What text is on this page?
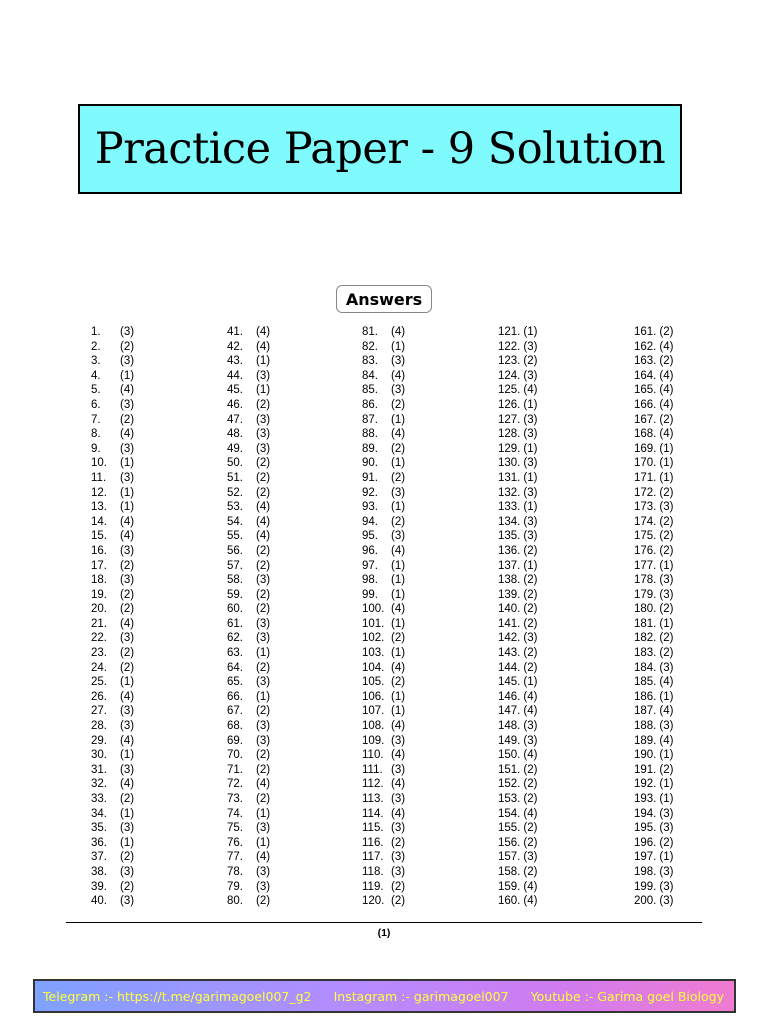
Practice Paper - 9 Solution
Answers
1.	(3)
2.	(2)
3.	(3)
4.	(1)
5.	(4)
6.	(3)
7.	(2)
8.	(4)
9.	(3)
10.	(1)
11.	(3)
12.	(1)
13.	(1)
14.	(4)
15.	(4)
16.	(3)
17.	(2)
18.	(3)
19.	(2)
20.	(2)
21.	(4)
22.	(3)
23.	(2)
24.	(2)
25.	(1)
26.	(4)
27.	(3)
28.	(3)
29.	(4)
30.	(1)
31.	(3)
32.	(4)
33.	(2)
34.	(1)
35.	(3)
36.	(1)
37.	(2)
38.	(3)
39.	(2)
40.	(3)
41.	(4)
42.	(4)
43.	(1)
44.	(3)
45.	(1)
46.	(2)
47.	(3)
48.	(3)
49.	(3)
50.	(2)
51.	(2)
52.	(2)
53.	(4)
54.	(4)
55.	(4)
56.	(2)
57.	(2)
58.	(3)
59.	(2)
60.	(2)
61.	(3)
62.	(3)
63.	(1)
64.	(2)
65.	(3)
66.	(1)
67.	(2)
68.	(3)
69.	(3)
70.	(2)
71.	(2)
72.	(4)
73.	(2)
74.	(1)
75.	(3)
76.	(1)
77.	(4)
78.	(3)
79.	(3)
80.	(2)
81.	(4)
82.	(1)
83.	(3)
84.	(4)
85.	(3)
86.	(2)
87.	(1)
88.	(4)
89.	(2)
90.	(1)
91.	(2)
92.	(3)
93.	(1)
94.	(2)
95.	(3)
96.	(4)
97.	(1)
98.	(1)
99.	(1)
100. (4)
101. (1)
102. (2)
103. (1)
104. (4)
105. (2)
106. (1)
107. (1)
108. (4)
109. (3)
110. (4)
111. (3)
112. (4)
113. (3)
114. (4)
115. (3)
116. (2)
117. (3)
118. (3)
119. (2)
120. (2)
121. (1)
122. (3)
123. (2)
124. (3)
125. (4)
126. (1)
127. (3)
128. (3)
129. (1)
130. (3)
131. (1)
132. (3)
133. (1)
134. (3)
135. (3)
136. (2)
137. (1)
138. (2)
139. (2)
140. (2)
141. (2)
142. (3)
143. (2)
144. (2)
145. (1)
146. (4)
147. (4)
148. (3)
149. (3)
150. (4)
151. (2)
152. (2)
153. (2)
154. (4)
155. (2)
156. (2)
157. (3)
158. (2)
159. (4)
160. (4)
161. (2)
162. (4)
163. (2)
164. (4)
165. (4)
166. (4)
167. (2)
168. (4)
169. (1)
170. (1)
171. (1)
172. (2)
173. (3)
174. (2)
175. (2)
176. (2)
177. (1)
178. (3)
179. (3)
180. (2)
181. (1)
182. (2)
183. (2)
184. (3)
185. (4)
186. (1)
187. (4)
188. (3)
189. (4)
190. (1)
191. (2)
192. (1)
193. (1)
194. (3)
195. (3)
196. (2)
197. (1)
198. (3)
199. (3)
200. (3)
(1)
Telegram :- https://t.me/garimagoel007_g2 Instagram :- garimagoel007 Youtube :- Garima goel Biology
